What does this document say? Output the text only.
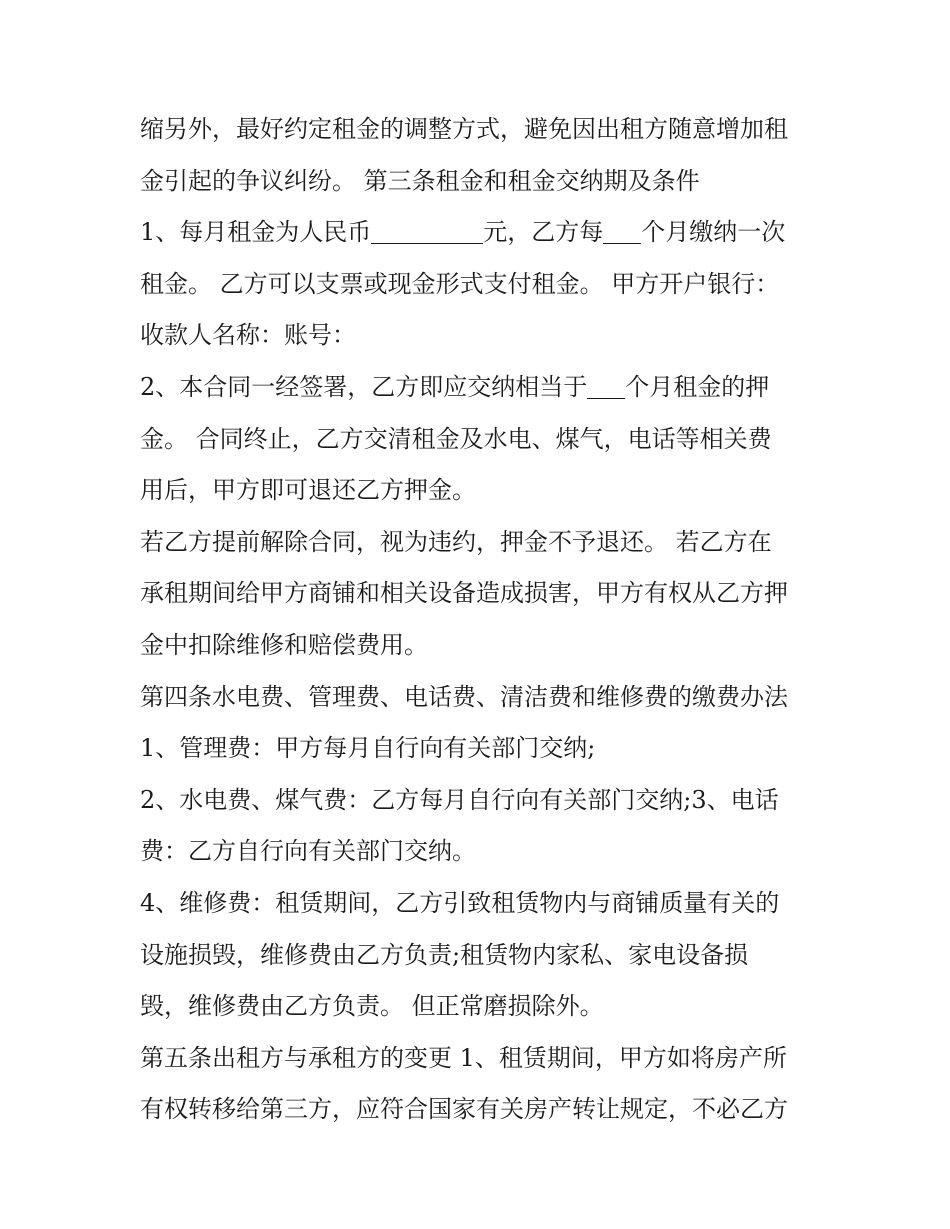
缩另外，最好约定租金的调整方式，避免因出租方随意增加租
金引起的争议纠纷。 第三条租金和租金交纳期及条件
1、每月租金为人民币	元，乙方每 个月缴纳一次
租金。 乙方可以支票或现金形式支付租金。 甲方开户银行：
收款人名称：账号：
2、本合同一经签署，乙方即应交纳相当于 个月租金的押
金。 合同终止，乙方交清租金及水电、煤气，电话等相关费
用后，甲方即可退还乙方押金。
若乙方提前解除合同，视为违约，押金不予退还。 若乙方在
承租期间给甲方商铺和相关设备造成损害，甲方有权从乙方押
金中扣除维修和赔偿费用。
第四条水电费、管理费、电话费、清洁费和维修费的缴费办法
1、管理费：甲方每月自行向有关部门交纳;
2、水电费、煤气费：乙方每月自行向有关部门交纳;3、电话
费：乙方自行向有关部门交纳。
4、维修费：租赁期间，乙方引致租赁物内与商铺质量有关的
设施损毁，维修费由乙方负责;租赁物内家私、家电设备损
毁，维修费由乙方负责。 但正常磨损除外。
第五条出租方与承租方的变更 1、租赁期间，甲方如将房产所
有权转移给第三方，应符合国家有关房产转让规定，不必乙方
